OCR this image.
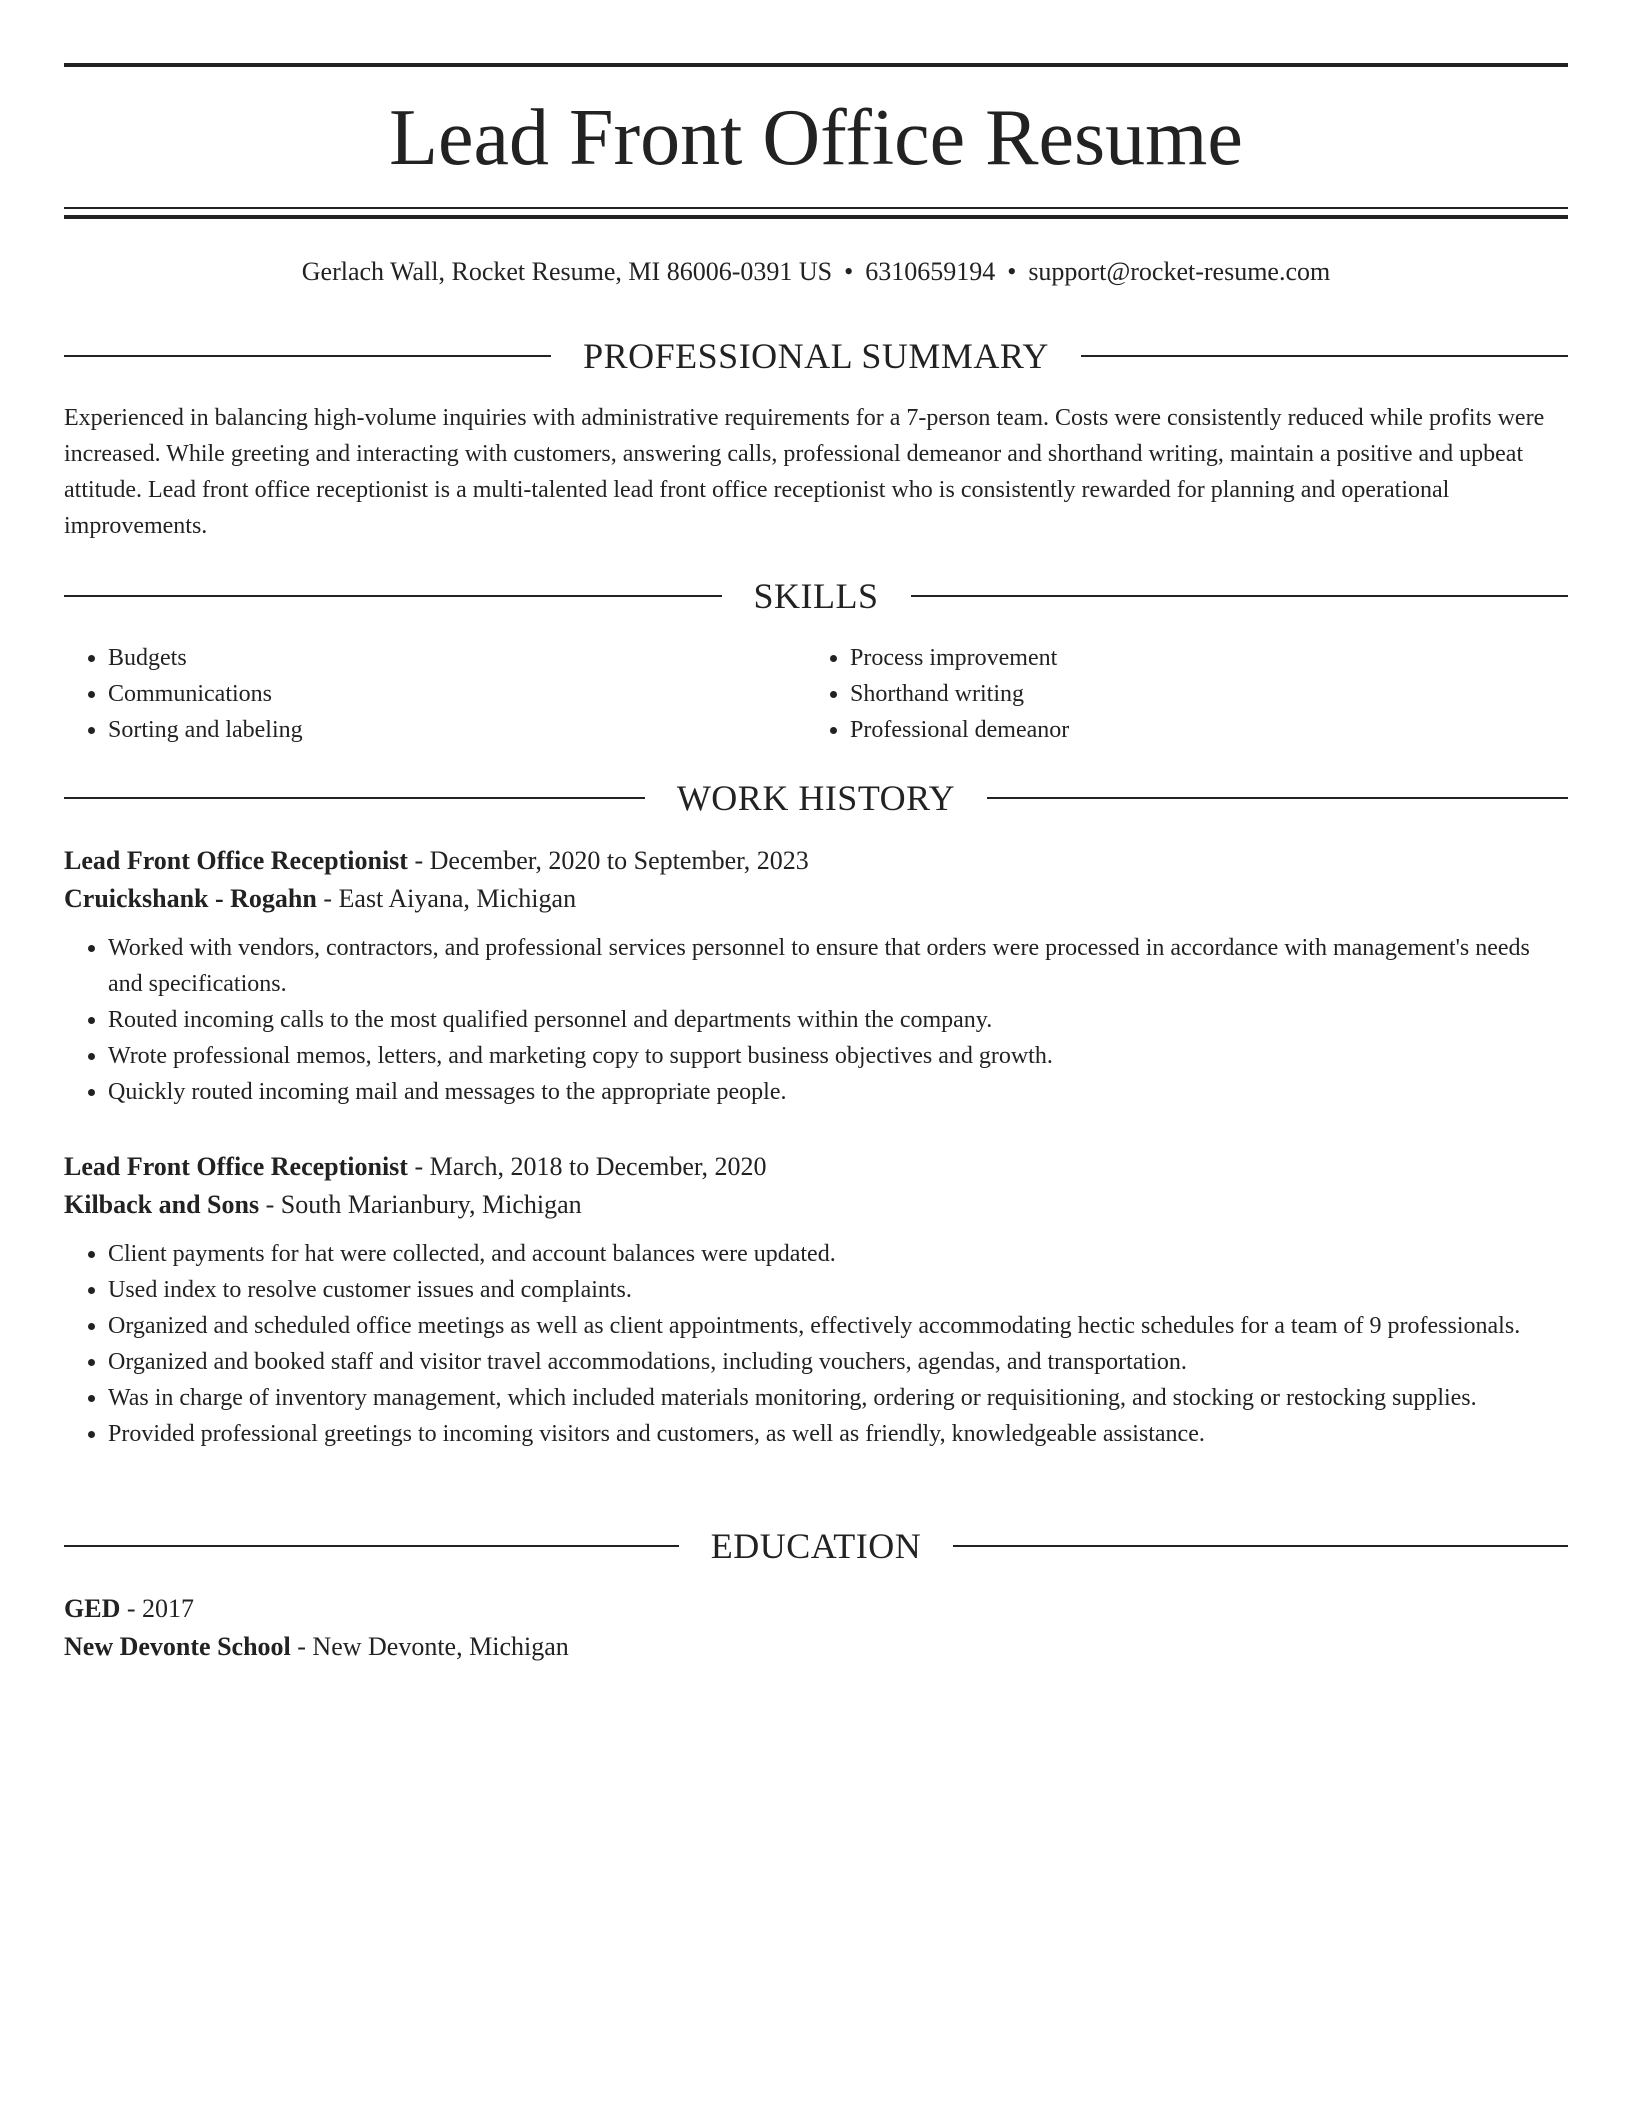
Lead Front Office Resume
Gerlach Wall, Rocket Resume, MI 86006-0391 US • 6310659194 • support@rocket-resume.com
PROFESSIONAL SUMMARY

Experienced in balancing high-volume inquiries with administrative requirements for a 7-person team. Costs were consistently reduced while profits were increased. While greeting and interacting with customers, answering calls, professional demeanor and shorthand writing, maintain a positive and upbeat attitude. Lead front office receptionist is a multi-talented lead front office receptionist who is consistently rewarded for planning and operational improvements.

SKILLS
• Budgets
• Communications
• Sorting and labeling
• Process improvement
• Shorthand writing
• Professional demeanor
WORK HISTORY

Lead Front Office Receptionist - December, 2020 to September, 2023

Cruickshank - Rogahn - East Aiyana, Michigan

• Worked with vendors, contractors, and professional services personnel to ensure that orders were processed in accordance with management's needs and specifications.
• Routed incoming calls to the most qualified personnel and departments within the company.
• Wrote professional memos, letters, and marketing copy to support business objectives and growth.
• Quickly routed incoming mail and messages to the appropriate people.

Lead Front Office Receptionist - March, 2018 to December, 2020

Kilback and Sons - South Marianbury, Michigan

• Client payments for hat were collected, and account balances were updated.
• Used index to resolve customer issues and complaints.
• Organized and scheduled office meetings as well as client appointments, effectively accommodating hectic schedules for a team of 9 professionals.
• Organized and booked staff and visitor travel accommodations, including vouchers, agendas, and transportation.
• Was in charge of inventory management, which included materials monitoring, ordering or requisitioning, and stocking or restocking supplies.
• Provided professional greetings to incoming visitors and customers, as well as friendly, knowledgeable assistance.
EDUCATION

GED - 2017

New Devonte School - New Devonte, Michigan
